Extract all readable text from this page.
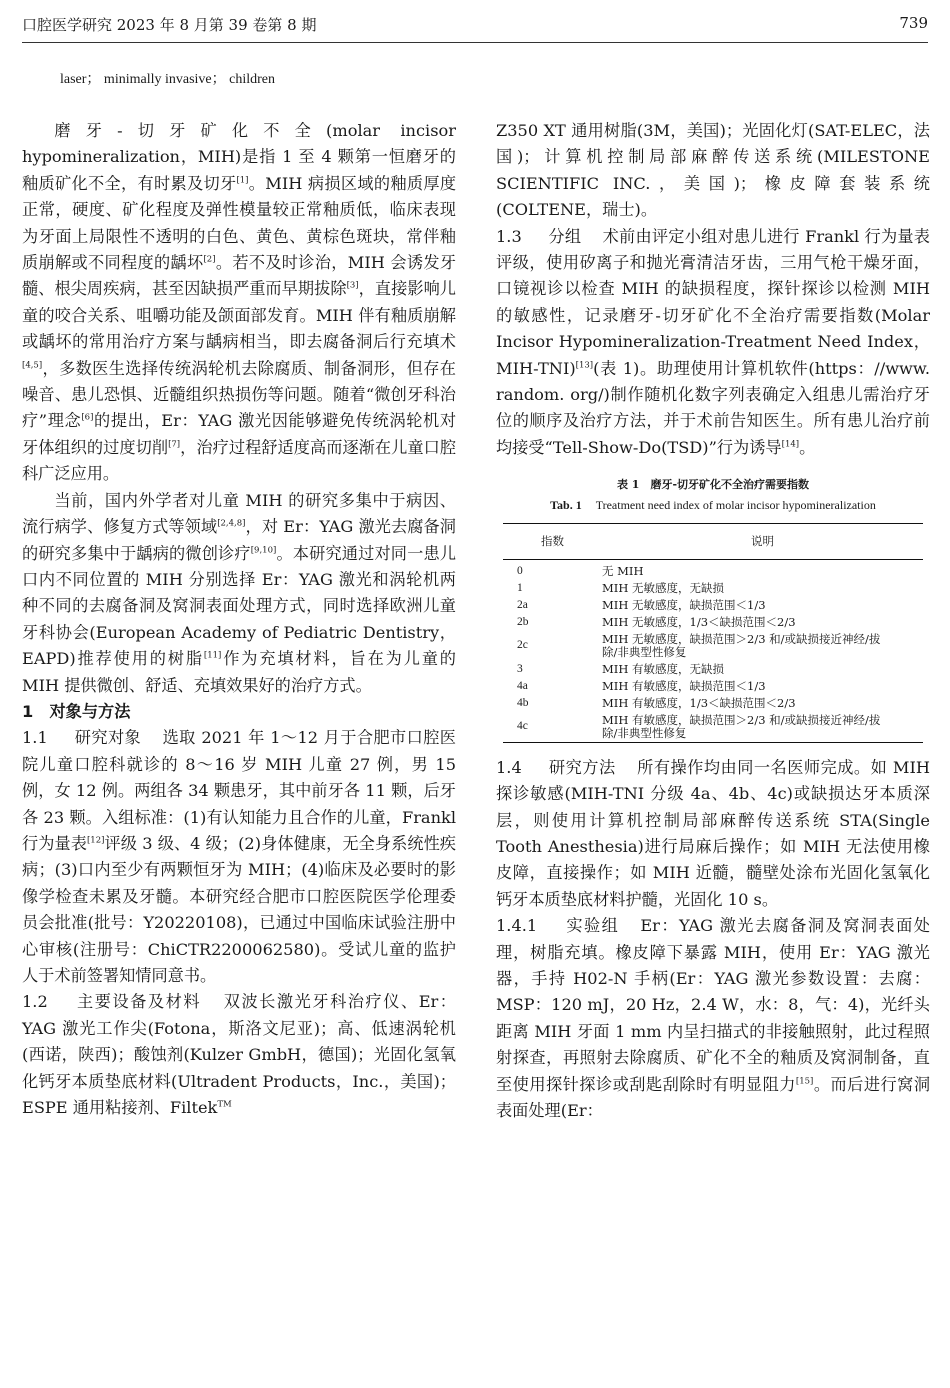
口腔医学研究 2023 年 8 月第 39 卷第 8 期	739
laser； minimally invasive； children

磨牙-切牙矿化不全(molar incisor hypomineralization，MIH)是指 1 至 4 颗第一恒磨牙的釉质矿化不全，有时累及切牙[1]。MIH 病损区域的釉质厚度正常，硬度、矿化程度及弹性模量较正常釉质低，临床表现为牙面上局限性不透明的白色、黄色、黄棕色斑块，常伴釉质崩解或不同程度的龋坏[2]。若不及时诊治，MIH 会诱发牙髓、根尖周疾病，甚至因缺损严重而早期拔除[3]，直接影响儿童的咬合关系、咀嚼功能及颌面部发育。MIH 伴有釉质崩解或龋坏的常用治疗方案与龋病相当，即去腐备洞后行充填术[4,5]，多数医生选择传统涡轮机去除腐质、制备洞形，但存在噪音、患儿恐惧、近髓组织热损伤等问题。随着“微创牙科治疗”理念[6]的提出，Er：YAG 激光因能够避免传统涡轮机对牙体组织的过度切削[7]，治疗过程舒适度高而逐渐在儿童口腔科广泛应用。

当前，国内外学者对儿童 MIH 的研究多集中于病因、流行病学、修复方式等领域[2,4,8]，对 Er：YAG 激光去腐备洞的研究多集中于龋病的微创诊疗[9,10]。本研究通过对同一患儿口内不同位置的 MIH 分别选择 Er：YAG 激光和涡轮机两种不同的去腐备洞及窝洞表面处理方式，同时选择欧洲儿童牙科协会(European Academy of Pediatric Dentistry，EAPD)推荐使用的树脂[11]作为充填材料，旨在为儿童的 MIH 提供微创、舒适、充填效果好的治疗方式。

1　对象与方法

1.1 研究对象 选取 2021 年 1～12 月于合肥市口腔医院儿童口腔科就诊的 8～16 岁 MIH 儿童 27 例，男 15 例，女 12 例。两组各 34 颗患牙，其中前牙各 11 颗，后牙各 23 颗。入组标准：(1)有认知能力且合作的儿童，Frankl 行为量表[12]评级 3 级、4 级；(2)身体健康，无全身系统性疾病；(3)口内至少有两颗恒牙为 MIH；(4)临床及必要时的影像学检查未累及牙髓。本研究经合肥市口腔医院医学伦理委员会批准(批号：Y20220108)，已通过中国临床试验注册中心审核(注册号：ChiCTR2200062580)。受试儿童的监护人于术前签署知情同意书。

1.2 主要设备及材料 双波长激光牙科治疗仪、Er：YAG 激光工作尖(Fotona，斯洛文尼亚)；高、低速涡轮机(西诺，陕西)；酸蚀剂(Kulzer GmbH，德国)；光固化氢氧化钙牙本质垫底材料(Ultradent Products，Inc.，美国)；ESPE 通用粘接剂、Filtek™

Z350 XT 通用树脂(3M，美国)；光固化灯(SAT-ELEC，法国)；计算机控制局部麻醉传送系统(MILESTONE SCIENTIFIC INC.，美国)；橡皮障套装系统(COLTENE，瑞士)。

1.3 分组 术前由评定小组对患儿进行 Frankl 行为量表评级，使用矽离子和抛光膏清洁牙齿，三用气枪干燥牙面，口镜视诊以检查 MIH 的缺损程度，探针探诊以检测 MIH 的敏感性，记录磨牙-切牙矿化不全治疗需要指数(Molar Incisor Hypomineralization-Treatment Need Index，MIH-TNI)[13](表 1)。助理使用计算机软件(https：//www. random. org/)制作随机化数字列表确定入组患儿需治疗牙位的顺序及治疗方法，并于术前告知医生。所有患儿治疗前均接受“Tell-Show-Do(TSD)”行为诱导[14]。

表 1　磨牙-切牙矿化不全治疗需要指数
Tab. 1 Treatment need index of molar incisor hypomineralization
指数	说明
0	无 MIH
1	MIH 无敏感度，无缺损
2a	MIH 无敏感度，缺损范围＜1/3
2b	MIH 无敏感度，1/3＜缺损范围＜2/3
2c	MIH 无敏感度，缺损范围＞2/3 和/或缺损接近神经/拔除/非典型性修复
3	MIH 有敏感度，无缺损
4a	MIH 有敏感度，缺损范围＜1/3
4b	MIH 有敏感度，1/3＜缺损范围＜2/3
4c	MIH 有敏感度，缺损范围＞2/3 和/或缺损接近神经/拔除/非典型性修复

1.4 研究方法 所有操作均由同一名医师完成。如 MIH 探诊敏感(MIH-TNI 分级 4a、4b、4c)或缺损达牙本质深层，则使用计算机控制局部麻醉传送系统 STA(Single Tooth Anesthesia)进行局麻后操作；如 MIH 无法使用橡皮障，直接操作；如 MIH 近髓，髓壁处涂布光固化氢氧化钙牙本质垫底材料护髓，光固化 10 s。

1.4.1 实验组 Er：YAG 激光去腐备洞及窝洞表面处理，树脂充填。橡皮障下暴露 MIH，使用 Er：YAG 激光器，手持 H02-N 手柄(Er：YAG 激光参数设置：去腐：MSP：120 mJ，20 Hz，2.4 W，水：8，气：4)，光纤头距离 MIH 牙面 1 mm 内呈扫描式的非接触照射，此过程照射探查，再照射去除腐质、矿化不全的釉质及窝洞制备，直至使用探针探诊或刮匙刮除时有明显阻力[15]。而后进行窝洞表面处理(Er：
